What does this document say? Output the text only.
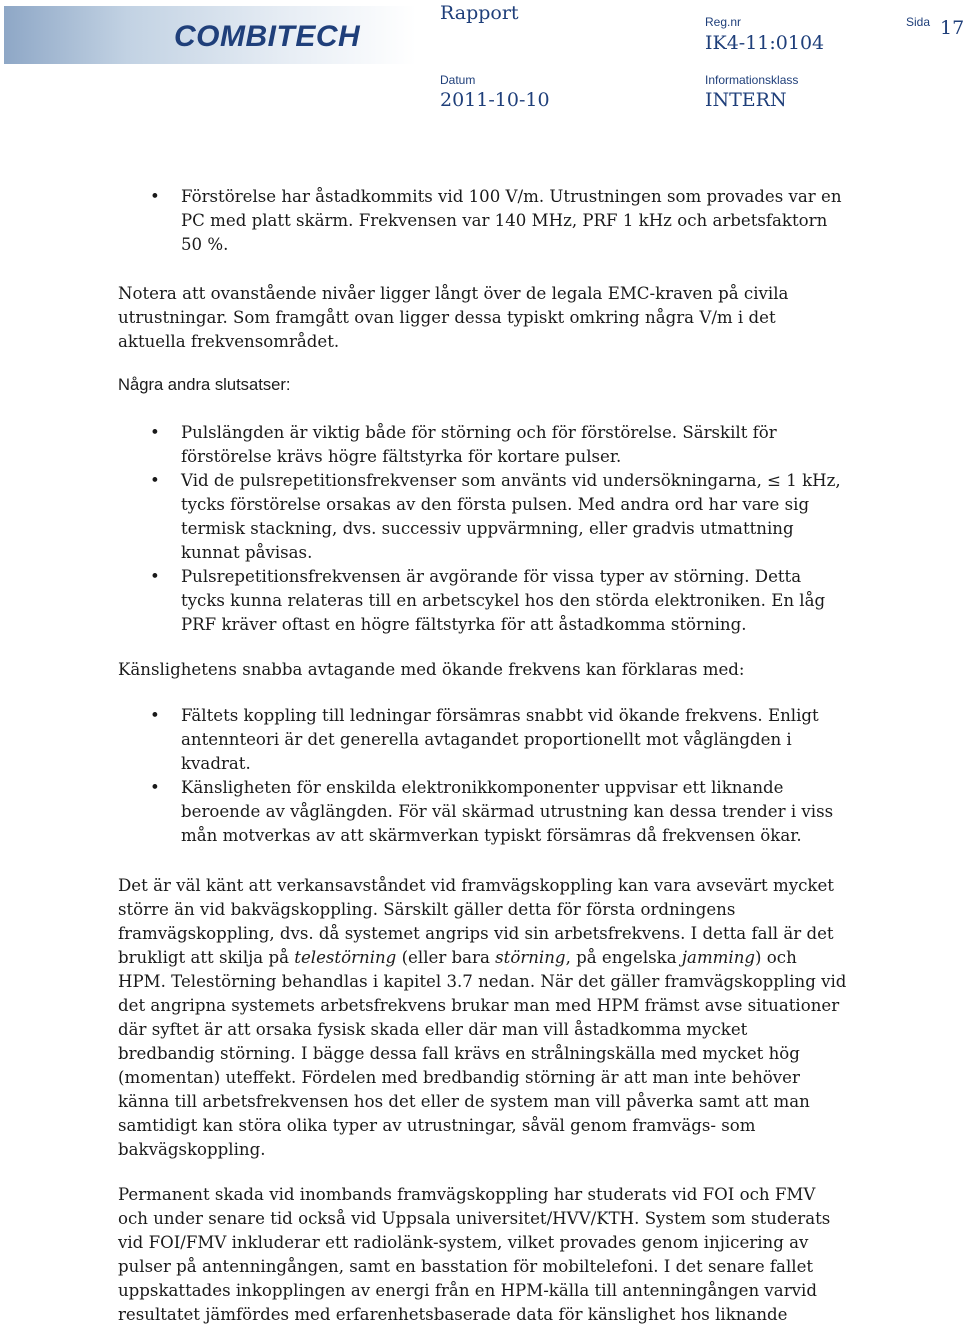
COMBITECH
Rapport	Reg.nr
IK4-11:0104
Sida 17
Datum
2011-10-10
Informationsklass
INTERN
• Förstörelse har åstadkommits vid 100 V/m. Utrustningen som provades var en PC med platt skärm. Frekvensen var 140 MHz, PRF 1 kHz och arbetsfaktorn 50 %.

Notera att ovanstående nivåer ligger långt över de legala EMC-kraven på civila utrustningar. Som framgått ovan ligger dessa typiskt omkring några V/m i det aktuella frekvensområdet.

Några andra slutsatser:

• Pulslängden är viktig både för störning och för förstörelse. Särskilt för förstörelse krävs högre fältstyrka för kortare pulser.
• Vid de pulsrepetitionsfrekvenser som använts vid undersökningarna, ≤ 1 kHz, tycks förstörelse orsakas av den första pulsen. Med andra ord har vare sig termisk stackning, dvs. successiv uppvärmning, eller gradvis utmattning kunnat påvisas.
• Pulsrepetitionsfrekvensen är avgörande för vissa typer av störning. Detta tycks kunna relateras till en arbetscykel hos den störda elektroniken. En låg PRF kräver oftast en högre fältstyrka för att åstadkomma störning.

Känslighetens snabba avtagande med ökande frekvens kan förklaras med:

• Fältets koppling till ledningar försämras snabbt vid ökande frekvens. Enligt antennteori är det generella avtagandet proportionellt mot våglängden i kvadrat.
• Känsligheten för enskilda elektronikkomponenter uppvisar ett liknande beroende av våglängden. För väl skärmad utrustning kan dessa trender i viss mån motverkas av att skärmverkan typiskt försämras då frekvensen ökar.

Det är väl känt att verkansavståndet vid framvägskoppling kan vara avsevärt mycket större än vid bakvägskoppling. Särskilt gäller detta för första ordningens framvägskoppling, dvs. då systemet angrips vid sin arbetsfrekvens. I detta fall är det brukligt att skilja på telestörning (eller bara störning, på engelska jamming) och HPM. Telestörning behandlas i kapitel 3.7 nedan. När det gäller framvägskoppling vid det angripna systemets arbetsfrekvens brukar man med HPM främst avse situationer där syftet är att orsaka fysisk skada eller där man vill åstadkomma mycket bredbandig störning. I bägge dessa fall krävs en strålningskälla med mycket hög (momentan) uteffekt. Fördelen med bredbandig störning är att man inte behöver känna till arbetsfrekvensen hos det eller de system man vill påverka samt att man samtidigt kan störa olika typer av utrustningar, såväl genom framvägs- som bakvägskoppling.

Permanent skada vid inombands framvägskoppling har studerats vid FOI och FMV och under senare tid också vid Uppsala universitet/HVV/KTH. System som studerats vid FOI/FMV inkluderar ett radiolänk-system, vilket provades genom injicering av pulser på antenningången, samt en basstation för mobiltelefoni. I det senare fallet uppskattades inkopplingen av energi från en HPM-källa till antenningången varvid resultatet jämfördes med erfarenhetsbaserade data för känslighet hos liknande
